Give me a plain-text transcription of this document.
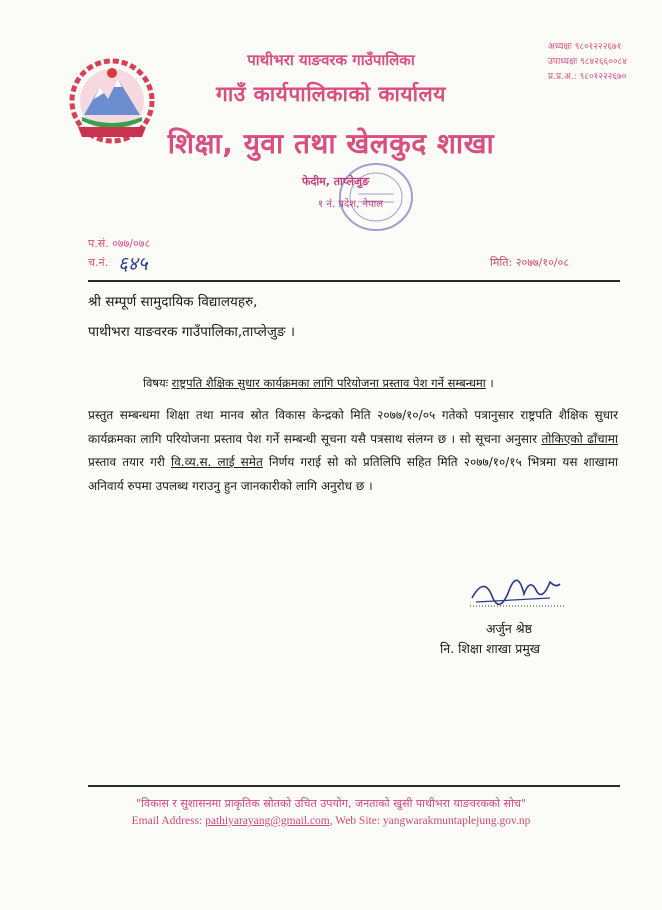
पाथीभरा याङवरक गाउँपालिका
गाउँ कार्यपालिकाको कार्यालय
शिक्षा, युवा तथा खेलकुद शाखा
अध्यक्षः ९८०१२२२६७१
उपाध्यक्षः ९८४२६६००८४
प्र.प्र.अ.: ९८०१२२२६७०
फेदीम, ताप्लेजुङ
१ नं. प्रदेश, नेपाल
प.सं. ०७७/०७८
च.नं. ६४५	मिति: २०७७/१०/०८
श्री सम्पूर्ण सामुदायिक विद्यालयहरु,
पाथीभरा याङवरक गाउँपालिका,ताप्लेजुङ ।
विषयः राष्ट्रपति शैक्षिक सुधार कार्यक्रमका लागि परियोजना प्रस्ताव पेश गर्ने सम्बन्धमा ।
प्रस्तुत सम्बन्धमा शिक्षा तथा मानव स्रोत विकास केन्द्रको मिति २०७७/१०/०५ गतेको पत्रानुसार राष्ट्रपति शैक्षिक सुधार कार्यक्रमका लागि परियोजना प्रस्ताव पेश गर्ने सम्बन्धी सूचना यसै पत्रसाथ संलग्न छ । सो सूचना अनुसार तोकिएको ढाँचामा प्रस्ताव तयार गरी वि.व्य.स. लाई समेत निर्णय गराई सो को प्रतिलिपि सहित मिति २०७७/१०/१५ भित्रमा यस शाखामा अनिवार्य रुपमा उपलब्ध गराउनु हुन जानकारीको लागि अनुरोध छ ।
अर्जुन श्रेष्ठ
नि. शिक्षा शाखा प्रमुख
"विकास र सुशासनमा प्राकृतिक स्रोतको उचित उपयोग, जनताको खुसी पाथीभरा याङवरकको सोच"
Email Address: pathiyarayang@gmail.com, Web Site: yangwarakmuntaplejung.gov.np
